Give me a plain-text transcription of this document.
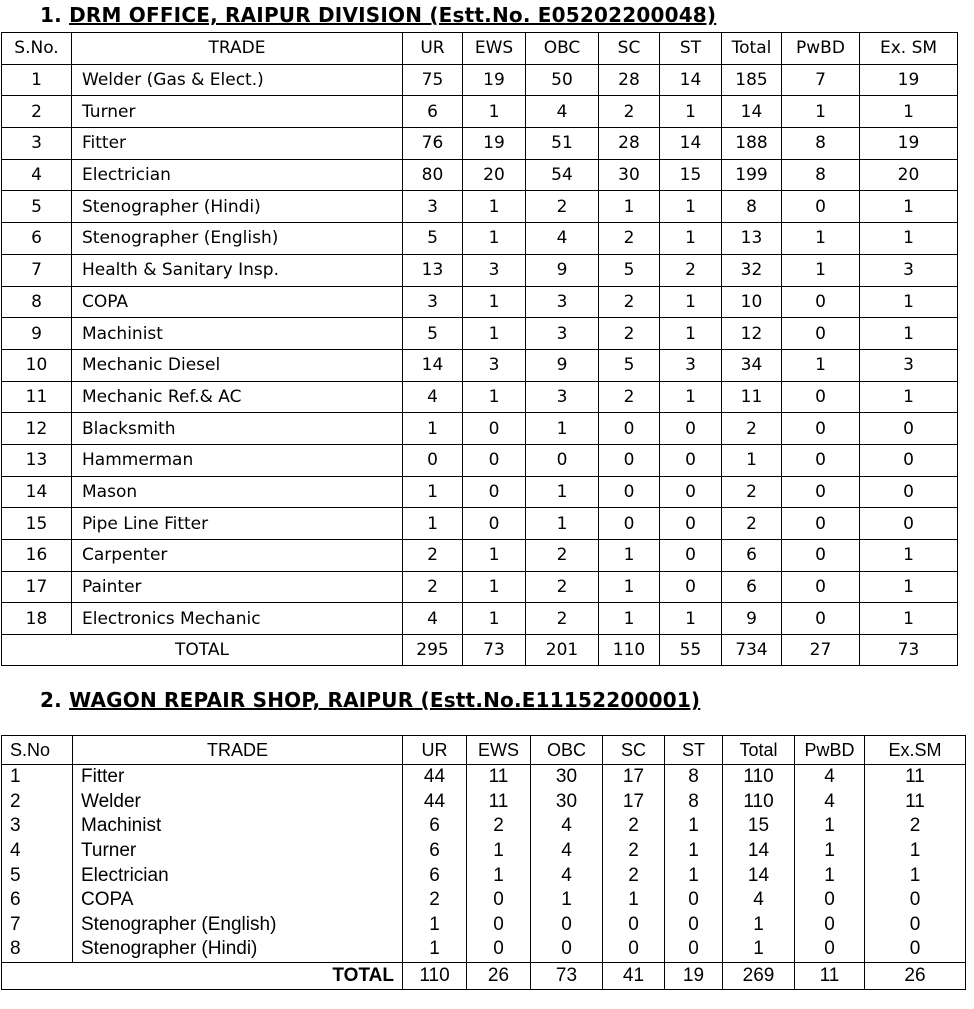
1. DRM OFFICE, RAIPUR DIVISION (Estt.No. E05202200048)
S.No.	TRADE	UR	EWS	OBC	SC	ST	Total	PwBD	Ex. SM
1	Welder (Gas & Elect.)	75	19	50	28	14	185	7	19
2	Turner	6	1	4	2	1	14	1	1
3	Fitter	76	19	51	28	14	188	8	19
4	Electrician	80	20	54	30	15	199	8	20
5	Stenographer (Hindi)	3	1	2	1	1	8	0	1
6	Stenographer (English)	5	1	4	2	1	13	1	1
7	Health & Sanitary Insp.	13	3	9	5	2	32	1	3
8	COPA	3	1	3	2	1	10	0	1
9	Machinist	5	1	3	2	1	12	0	1
10	Mechanic Diesel	14	3	9	5	3	34	1	3
11	Mechanic Ref.& AC	4	1	3	2	1	11	0	1
12	Blacksmith	1	0	1	0	0	2	0	0
13	Hammerman	0	0	0	0	0	1	0	0
14	Mason	1	0	1	0	0	2	0	0
15	Pipe Line Fitter	1	0	1	0	0	2	0	0
16	Carpenter	2	1	2	1	0	6	0	1
17	Painter	2	1	2	1	0	6	0	1
18	Electronics Mechanic	4	1	2	1	1	9	0	1
TOTAL		295	73	201	110	55	734	27	73
2. WAGON REPAIR SHOP, RAIPUR (Estt.No.E11152200001)
S.No	TRADE	UR	EWS	OBC	SC	ST	Total	PwBD	Ex.SM
1	Fitter	44	11	30	17	8	110	4	11
2	Welder	44	11	30	17	8	110	4	11
3	Machinist	6	2	4	2	1	15	1	2
4	Turner	6	1	4	2	1	14	1	1
5	Electrician	6	1	4	2	1	14	1	1
6	COPA	2	0	1	1	0	4	0	0
7	Stenographer (English)	1	0	0	0	0	1	0	0
8	Stenographer (Hindi)	1	0	0	0	0	1	0	0
TOTAL		110	26	73	41	19	269	11	26
